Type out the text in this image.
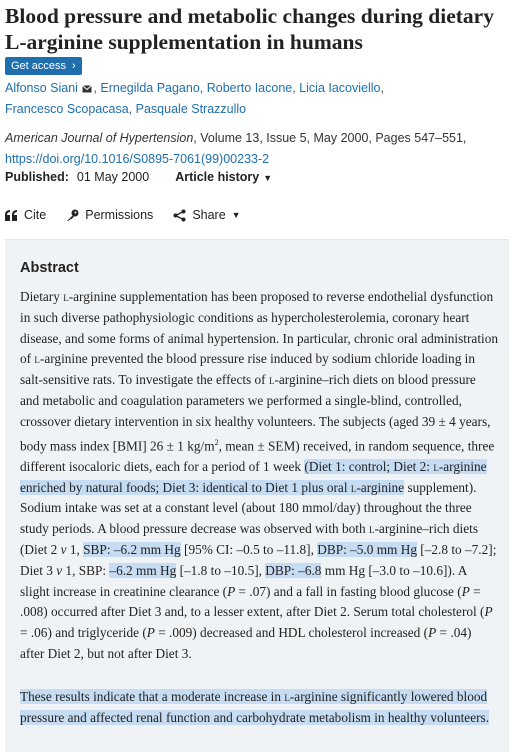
Blood pressure and metabolic changes during dietary L-arginine supplementation in humans
Get access ›
Alfonso Siani , Ernegilda Pagano, Roberto Iacone, Licia Iacoviello,
Francesco Scopacasa, Pasquale Strazzullo
American Journal of Hypertension, Volume 13, Issue 5, May 2000, Pages 547–551,
https://doi.org/10.1016/S0895-7061(99)00233-2
Published: 01 May 2000 Article history ▼
Cite	Permissions	Share ▼
Abstract

Dietary l-arginine supplementation has been proposed to reverse endothelial dysfunction in such diverse pathophysiologic conditions as hypercholesterolemia, coronary heart disease, and some forms of animal hypertension. In particular, chronic oral administration of l-arginine prevented the blood pressure rise induced by sodium chloride loading in salt-sensitive rats. To investigate the effects of l-arginine–rich diets on blood pressure and metabolic and coagulation parameters we performed a single-blind, controlled, crossover dietary intervention in six healthy volunteers. The subjects (aged 39 ± 4 years, body mass index [BMI] 26 ± 1 $kg/m^2$, mean ± SEM) received, in random sequence, three different isocaloric diets, each for a period of 1 week (Diet 1: control; Diet 2: l-arginine enriched by natural foods; Diet 3: identical to Diet 1 plus oral l-arginine supplement). Sodium intake was set at a constant level (about 180 mmol/day) throughout the three study periods. A blood pressure decrease was observed with both l-arginine–rich diets (Diet 2 v 1, SBP: –6.2 mm Hg [95% CI: –0.5 to –11.8], DBP: –5.0 mm Hg [–2.8 to –7.2]; Diet 3 v 1, SBP: –6.2 mm Hg [–1.8 to –10.5], DBP: –6.8 mm Hg [–3.0 to –10.6]). A slight increase in creatinine clearance (P = .07) and a fall in fasting blood glucose (P = .008) occurred after Diet 3 and, to a lesser extent, after Diet 2. Serum total cholesterol (P = .06) and triglyceride (P = .009) decreased and HDL cholesterol increased (P = .04) after Diet 2, but not after Diet 3.

These results indicate that a moderate increase in l-arginine significantly lowered blood pressure and affected renal function and carbohydrate metabolism in healthy volunteers.
